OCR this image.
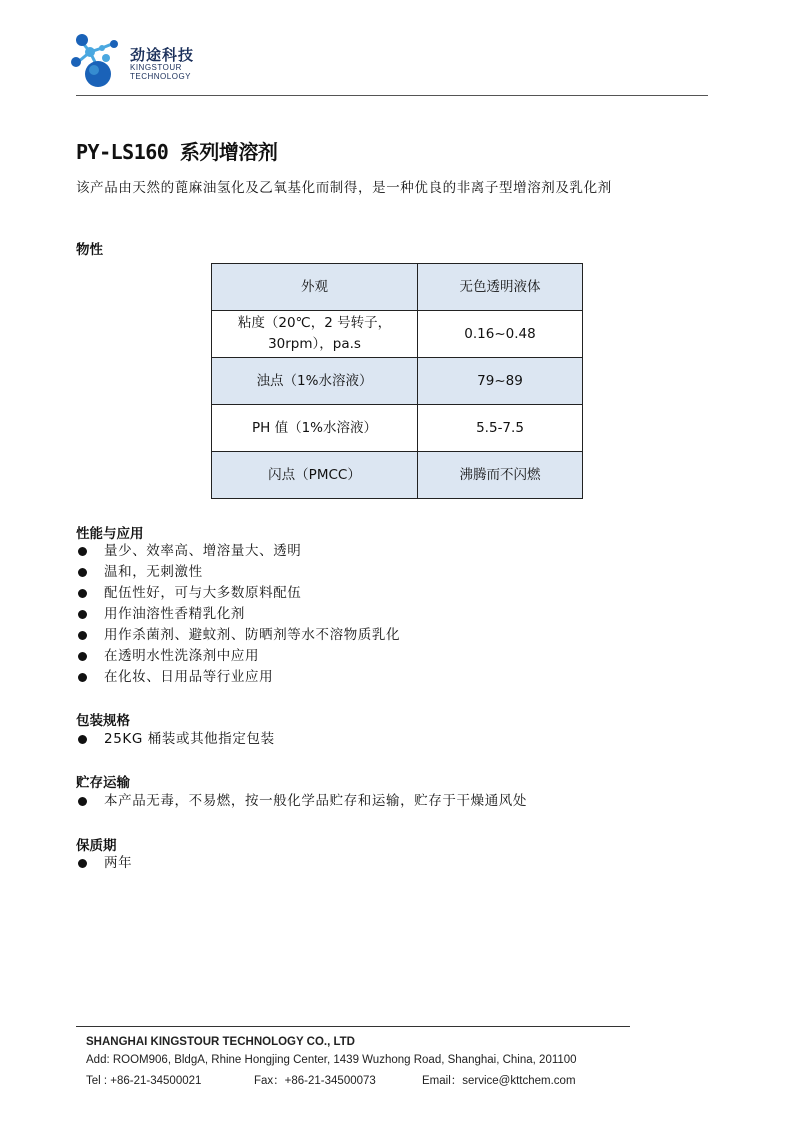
劲途科技
KINGSTOUR
TECHNOLOGY
PY-LS160 系列增溶剂
该产品由天然的蓖麻油氢化及乙氧基化而制得，是一种优良的非离子型增溶剂及乳化剂
物性
外观	无色透明液体

粘度（20℃，2 号转子，
30rpm），pa.s	0.16~0.48
浊点（1%水溶液）	79~89
PH 值（1%水溶液）	5.5-7.5
闪点（PMCC）	沸腾而不闪燃
性能与应用
量少、效率高、增溶量大、透明
温和，无刺激性
配伍性好，可与大多数原料配伍
用作油溶性香精乳化剂
用作杀菌剂、避蚊剂、防晒剂等水不溶物质乳化
在透明水性洗涤剂中应用
在化妆、日用品等行业应用
包装规格
25KG 桶装或其他指定包装
贮存运输
本产品无毒，不易燃，按一般化学品贮存和运输，贮存于干燥通风处
保质期
两年
SHANGHAI KINGSTOUR TECHNOLOGY CO., LTD
Add: ROOM906, BldgA, Rhine Hongjing Center, 1439 Wuzhong Road, Shanghai, China, 201100
Tel : +86-21-34500021	Fax：+86-21-34500073	Email：service@kttchem.com
